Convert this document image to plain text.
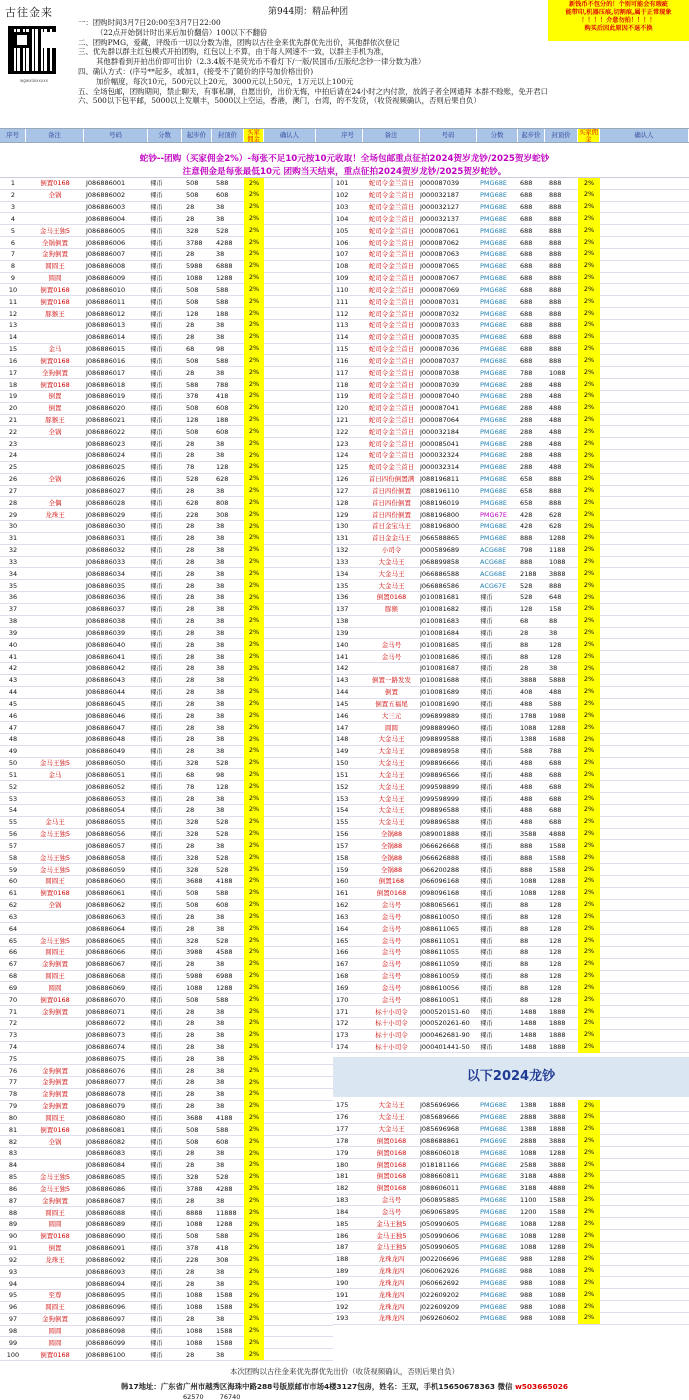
古往金来
wgwxlaixxxxx
第944期：精品种团
一：团购时间3月7日20:00至3月7日22:00
（22点开始倒计时出来后加价翻倍）100以下不翻倍
二、团购PMG，爱藏，评级币一切以分数为准，团购以古往金来优先群优先出价，其他群依次登记
三、优先群以群主红包模式开拍团购，红包以上不算，由于每人网速不一致，以群主手机为准，
其他群看到开拍出价即可出价（2.3.4版不是荧光币不看灯下/一版/民国币/五版纪念钞一律分数为准）
四、确认方式：(序号**起多，或加1，(接受不了随价的序号加价格出价)
加价幅度，每次10元，500元以上20元，3000元以上50元，1万元以上100元
五、全场包邮，团购期间，禁止聊天，有事私聊，自愿出价，出价无悔，中拍后请在24小时之内付款，放鸽子者全网通拜 本群不赊账，免开君口
六、500以下包平邮，5000以上发顺丰，5000以上空运，香港，澳门，台湾，的不发货，（收货视频确认，否则后果自负）
新钱币不包分的！个别可能会有瑕疵
能带印,机器压痕,切割痕,属于正常现象
！！！！介意勿拍！！！！
购买后因此原因不退不换
序号	备注	号码	分数	起步价	封顶价	买家佣金	确认人	序号	备注	号码	分数	起步价	封顶价	买家佣金	确认人
蛇钞--团购（买家佣金2%）-每张不足10元按10元收取！全场包邮重点征拍2024贺岁龙钞/2025贺岁蛇钞
注意佣金是每张最低10元 团购当天结束，重点征拍2024贺岁龙钞/2025贺岁蛇钞。
1	倒置0168	J086886001	裸币	508	588	2%
2	全锅	J086886002	裸币	508	608	2%
3	J086886003	裸币	28	38	2%
4	J086886004	裸币	28	38	2%
5	金马王独5	J086886005	裸币	328	528	2%
6	全锅倒置	J086886006	裸币	3788	4288	2%
7	金狗倒置	J086886007	裸币	28	38	2%
8	圆圆王	J086886008	裸币	5988	6888	2%
9	圆圆	J086886009	裸币	1088	1288	2%
10	倒置0168	J086886010	裸币	508	588	2%
11	倒置0168	J086886011	裸币	508	588	2%
12	豚猴王	J086886012	裸币	128	188	2%
13	J086886013	裸币	28	38	2%
14	J086886014	裸币	28	38	2%
15	金马	J086886015	裸币	68	98	2%
16	倒置0168	J086886016	裸币	508	588	2%
17	全狗倒置	J086886017	裸币	28	38	2%
18	倒置0168	J086886018	裸币	588	788	2%
19	倒置	J086886019	裸币	378	418	2%
20	倒置	J086886020	裸币	508	608	2%
21	豚猴王	J086886021	裸币	128	188	2%
22	全锅	J086886022	裸币	508	608	2%
23	J086886023	裸币	28	38	2%
24	J086886024	裸币	28	38	2%
25	J086886025	裸币	78	128	2%
26	全锅	J086886026	裸币	528	628	2%
27	J086886027	裸币	28	38	2%
28	全偶	J086886028	裸币	628	808	2%
29	龙珠王	J086886029	裸币	228	308	2%
30	J086886030	裸币	28	38	2%
31	J086886031	裸币	28	38	2%
32	J086886032	裸币	28	38	2%
33	J086886033	裸币	28	38	2%
34	J086886034	裸币	28	38	2%
35	J086886035	裸币	28	38	2%
36	J086886036	裸币	28	38	2%
37	J086886037	裸币	28	38	2%
38	J086886038	裸币	28	38	2%
39	J086886039	裸币	28	38	2%
40	J086886040	裸币	28	38	2%
41	J086886041	裸币	28	38	2%
42	J086886042	裸币	28	38	2%
43	J086886043	裸币	28	38	2%
44	J086886044	裸币	28	38	2%
45	J086886045	裸币	28	38	2%
46	J086886046	裸币	28	38	2%
47	J086886047	裸币	28	38	2%
48	J086886048	裸币	28	38	2%
49	J086886049	裸币	28	38	2%
50	金马王独5	J086886050	裸币	328	528	2%
51	金马	J086886051	裸币	68	98	2%
52	J086886052	裸币	78	128	2%
53	J086886053	裸币	28	38	2%
54	J086886054	裸币	28	38	2%
55	金马王	J086886055	裸币	328	528	2%
56	金马王独5	J086886056	裸币	328	528	2%
57	J086886057	裸币	28	38	2%
58	金马王独5	J086886058	裸币	328	528	2%
59	金马王独5	J086886059	裸币	328	528	2%
60	圆圆王	J086886060	裸币	3688	4188	2%
61	倒置0168	J086886061	裸币	508	588	2%
62	全锅	J086886062	裸币	508	608	2%
63	J086886063	裸币	28	38	2%
64	J086886064	裸币	28	38	2%
65	金马王独5	J086886065	裸币	328	528	2%
66	圆圆王	J086886066	裸币	3988	4588	2%
67	金狗倒置	J086886067	裸币	28	38	2%
68	圆圆王	J086886068	裸币	5988	6988	2%
69	圆圆	J086886069	裸币	1088	1288	2%
70	倒置0168	J086886070	裸币	508	588	2%
71	金狗倒置	J086886071	裸币	28	38	2%
72	J086886072	裸币	28	38	2%
73	J086886073	裸币	28	38	2%
74	J086886074	裸币	28	38	2%
75	J086886075	裸币	28	38	2%
76	金狗倒置	J086886076	裸币	28	38	2%
77	金狗倒置	J086886077	裸币	28	38	2%
78	金狗倒置	J086886078	裸币	28	38	2%
79	金狗倒置	J086886079	裸币	28	38	2%
80	圆圆王	J086886080	裸币	3688	4188	2%
81	倒置0168	J086886081	裸币	508	588	2%
82	全锅	J086886082	裸币	508	608	2%
83	J086886083	裸币	28	38	2%
84	J086886084	裸币	28	38	2%
85	金马王独5	J086886085	裸币	328	528	2%
86	金马王独5	J086886086	裸币	3788	4288	2%
87	金狗倒置	J086886087	裸币	28	38	2%
88	圆圆王	J086886088	裸币	8888	11888	2%
89	圆圆	J086886089	裸币	1088	1288	2%
90	倒置0168	J086886090	裸币	508	588	2%
91	倒置	J086886091	裸币	378	418	2%
92	龙珠王	J086886092	裸币	228	308	2%
93	J086886093	裸币	28	38	2%
94	J086886094	裸币	28	38	2%
95	至尊	J086886095	裸币	1088	1588	2%
96	圆圆王	J086886096	裸币	1088	1588	2%
97	金狗倒置	J086886097	裸币	28	38	2%
98	圆圆	J086886098	裸币	1088	1588	2%
99	圆圆	J086886099	裸币	1088	1588	2%
100	倒置0168	J086886100	裸币	28	38	2%
101	蛇司令金兰首日 J000087039	PMG68E	688	888	2%
102	蛇司令金兰首日 J000032187	PMG68E	688	888	2%
103	蛇司令金兰首日 J000032127	PMG68E	688	888	2%
104	蛇司令金兰首日 J000032137	PMG68E	688	888	2%
105	蛇司令金兰首日 J000087061	PMG68E	688	888	2%
106	蛇司令金兰首日 J000087062	PMG68E	688	888	2%
107	蛇司令金兰首日 J000087063	PMG68E	688	888	2%
108	蛇司令金兰首日 J000087065	PMG68E	688	888	2%
109	蛇司令金兰首日 J000087067	PMG68E	688	888	2%
110	蛇司令金兰首日 J000087069	PMG68E	688	888	2%
111	蛇司令金兰首日 J000087031	PMG68E	688	888	2%
112	蛇司令金兰首日 J000087032	PMG68E	688	888	2%
113	蛇司令金兰首日 J000087033	PMG68E	688	888	2%
114	蛇司令金兰首日 J000087035	PMG68E	688	888	2%
115	蛇司令金兰首日 J000087036	PMG68E	688	888	2%
116	蛇司令金兰首日 J000087037	PMG68E	688	888	2%
117	蛇司令金兰首日 J000087038	PMG68E	788	1088	2%
118	蛇司令金兰首日 J000087039	PMG68E	288	488	2%
119	蛇司令金兰首日 J000087040	PMG68E	288	488	2%
120	蛇司令金兰首日 J000087041	PMG68E	288	488	2%
121	蛇司令金兰首日 J000087064	PMG68E	288	488	2%
122	蛇司令金兰首日 J000032184	PMG68E	288	488	2%
123	蛇司令金兰首日 J000085041	PMG68E	288	488	2%
124	蛇司令金兰首日 J000032324	PMG68E	288	488	2%
125	蛇司令金兰首日 J000032314	PMG68E	288	488	2%
126	首日四份倒置满 J088196811	PMG68E	658	888	2%
127	首日四份倒置	J088196110	PMG68E	658	888	2%
128	首日四份倒置	J088196019	PMG68E	658	888	2%
129	首日四份倒置	J088196800	PMG67E	428	628	2%
130	首日金宝马王	J088196800	PMG68E	428	628	2%
131	首日金金马王	J066588865	PMG68E	888	1288	2%
132	小司令	J000589689	ACG68E	798	1188	2%
133	大金马王	J068899858	ACG68E	888	1088	2%
134	大金马王	J066886588	ACG68E	2188	3888	2%
135	大金马王	J066886586	ACG67E	528	888	2%
136	倒置0168	J010081681	裸币	528	648	2%
137	豚猴	J010081682	裸币	128	158	2%
138	J010081683	裸币	68	88	2%
139	J010081684	裸币	28	38	2%
140	金马号	J010081685	裸币	88	128	2%
141	金马号	J010081686	裸币	88	128	2%
142	J010081687	裸币	28	38	2%
143	倒置一路发发	J010081688	裸币	3888	5888	2%
144	倒置	J010081689	裸币	408	488	2%
145	倒置五福尾	J010081690	裸币	488	588	2%
146	大三元	J096899889	裸币	1788	1988	2%
147	圆圆	J098889960	裸币	1088	1288	2%
148	大金马王	J098899588	裸币	1388	1688	2%
149	大金马王	J098898958	裸币	588	788	2%
150	大金马王	J098896666	裸币	488	688	2%
151	大金马王	J098896566	裸币	488	688	2%
152	大金马王	J099598899	裸币	488	688	2%
153	大金马王	J099598999	裸币	488	688	2%
154	大金马王	J098896588	裸币	488	688	2%
155	大金马王	J098896588	裸币	488	688	2%
156	全锅88	J089001888	裸币	3588	4888	2%
157	全锅88	J066626668	裸币	888	1588	2%
158	全锅88	J066626888	裸币	888	1588	2%
159	全锅88	J066200288	裸币	888	1588	2%
160	倒置168	J066096168	裸币	1088	1288	2%
161	倒置0168	J098096168	裸币	1088	1288	2%
162	金马号	J088065661	裸币	88	128	2%
163	金马号	J088610050	裸币	88	128	2%
164	金马号	J088611065	裸币	88	128	2%
165	金马号	J088611051	裸币	88	128	2%
166	金马号	J088611055	裸币	88	128	2%
167	金马号	J088611059	裸币	88	128	2%
168	金马号	J088610059	裸币	88	128	2%
169	金马号	J088610056	裸币	88	128	2%
170	金马号	J088610051	裸币	88	128	2%
171	标十小司令	J000520151-60	裸币	1488	1888	2%
172	标十小司令	J000520261-60	裸币	1488	1888	2%
173	标十小司令	J000462681-90	裸币	1488	1888	2%
174	标十小司令	J000401441-50	裸币	1488	1888	2%
以下2024龙钞
175	大金马王	J085696966	PMG68E	1388	1888	2%
176	大金马王	J085689666	PMG68E	2888	3888	2%
177	大金马王	J085696968	PMG68E	1388	1888	2%
178	倒置0168	J088688861	PMG69E	2888	3888	2%
179	倒置0168	J088606018	PMG68E	1088	1288	2%
180	倒置0168	J018181166	PMG68E	2588	3888	2%
181	倒置0168	J088660811	PMG68E	3188	4888	2%
182	倒置0168	J088606011	PMG68E	3188	4888	2%
183	金马号	J060895885	PMG68E	1100	1588	2%
184	金马号	J069065895	PMG68E	1200	1588	2%
185	金马王独5	J050990605	PMG68E	1088	1288	2%
186	金马王独5	J050990606	PMG68E	1088	1288	2%
187	金马王独5	J050990605	PMG68E	1088	1288	2%
188	龙珠龙四	J002206696	PMG68E	988	1288	2%
189	龙珠龙四	J060062926	PMG68E	988	1088	2%
190	龙珠龙四	J060662692	PMG68E	988	1088	2%
191	龙珠龙四	J022609202	PMG68E	988	1088	2%
192	龙珠龙四	J022609209	PMG68E	988	1088	2%
193	龙珠龙四	J069260602	PMG68E	988	1088	2%
本次团购以古往金来优先群优先出价（收货视频确认，否则后果自负）
韩17地址：广东省广州市越秀区海珠中路288号版原邮市市场4楼3127包房，姓名：王双，手机15650678363 微信 w503665026
62570 76740
